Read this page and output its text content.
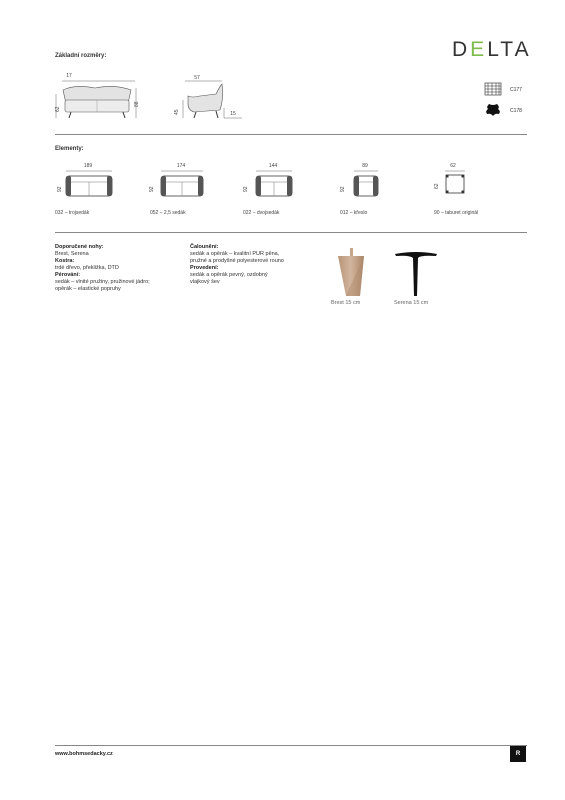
Základní rozměry:	DELTA
17
62
88
57
45	15
C177
C178
Elementy:
189
92
032 – trojsedák
174
92
052 – 2,5 sedák
144
92
022 – dvojsedák
89
92
012 – křeslo
62
62
90 – taburet originál
Doporučené nohy:
Brest, Serena
Kostra:
trdé dřevo, překližka, DTD
Pérování:
sedák – vlnité pružiny, pružinové jádro;
opěrák – elastické popruhy
Čalounění:
sedák a opěrák – kvalitní PUR pěna,
pružné a prodyšné polyesterové rouno
Provedení:
sedák a opěrák pevný, ozdobný
vlajkový šev
Brest 15 cm	Serena 15 cm
www.bohmsedacky.cz	R
